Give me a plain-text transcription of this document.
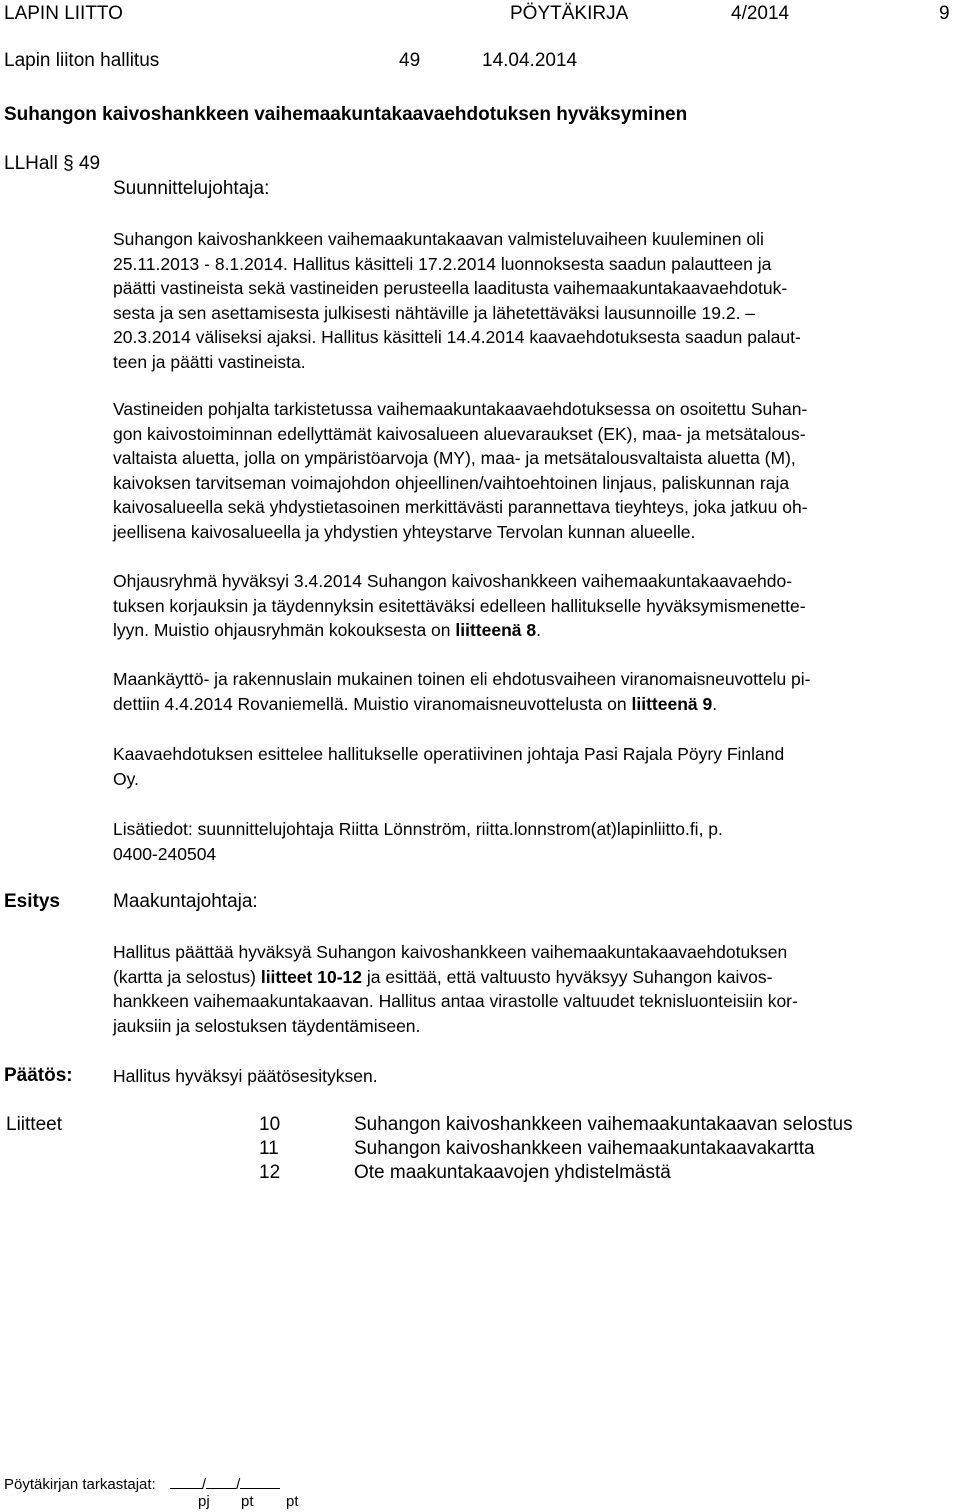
LAPIN LIITTO	PÖYTÄKIRJA	4/2014	9
Lapin liiton hallitus	49	14.04.2014
Suhangon kaivoshankkeen vaihemaakuntakaavaehdotuksen hyväksyminen
LLHall § 49
Suunnittelujohtaja:
Suhangon kaivoshankkeen vaihemaakuntakaavan valmisteluvaiheen kuuleminen oli
25.11.2013 - 8.1.2014. Hallitus käsitteli 17.2.2014 luonnoksesta saadun palautteen ja
päätti vastineista sekä vastineiden perusteella laaditusta vaihemaakuntakaavaehdotuk-
sesta ja sen asettamisesta julkisesti nähtäville ja lähetettäväksi lausunnoille 19.2. –
20.3.2014 väliseksi ajaksi. Hallitus käsitteli 14.4.2014 kaavaehdotuksesta saadun palaut-
teen ja päätti vastineista.
Vastineiden pohjalta tarkistetussa vaihemaakuntakaavaehdotuksessa on osoitettu Suhan-
gon kaivostoiminnan edellyttämät kaivosalueen aluevaraukset (EK), maa- ja metsätalous-
valtaista aluetta, jolla on ympäristöarvoja (MY), maa- ja metsätalousvaltaista aluetta (M),
kaivoksen tarvitseman voimajohdon ohjeellinen/vaihtoehtoinen linjaus, paliskunnan raja
kaivosalueella sekä yhdystietasoinen merkittävästi parannettava tieyhteys, joka jatkuu oh-
jeellisena kaivosalueella ja yhdystien yhteystarve Tervolan kunnan alueelle.
Ohjausryhmä hyväksyi 3.4.2014 Suhangon kaivoshankkeen vaihemaakuntakaavaehdo-
tuksen korjauksin ja täydennyksin esitettäväksi edelleen hallitukselle hyväksymismenette-
lyyn. Muistio ohjausryhmän kokouksesta on liitteenä 8.
Maankäyttö- ja rakennuslain mukainen toinen eli ehdotusvaiheen viranomaisneuvottelu pi-
dettiin 4.4.2014 Rovaniemellä. Muistio viranomaisneuvottelusta on liitteenä 9.
Kaavaehdotuksen esittelee hallitukselle operatiivinen johtaja Pasi Rajala Pöyry Finland
Oy.
Lisätiedot: suunnittelujohtaja Riitta Lönnström, riitta.lonnstrom(at)lapinliitto.fi, p.
0400-240504
Esitys	Maakuntajohtaja:
Hallitus päättää hyväksyä Suhangon kaivoshankkeen vaihemaakuntakaavaehdotuksen
(kartta ja selostus) liitteet 10-12 ja esittää, että valtuusto hyväksyy Suhangon kaivos-
hankkeen vaihemaakuntakaavan. Hallitus antaa virastolle valtuudet teknisluonteisiin kor-
jauksiin ja selostuksen täydentämiseen.
Päätös: Hallitus hyväksyi päätösesityksen.
Liitteet	10	Suhangon kaivoshankkeen vaihemaakuntakaavan selostus
11	Suhangon kaivoshankkeen vaihemaakuntakaavakartta
12	Ote maakuntakaavojen yhdistelmästä
Pöytäkirjan tarkastajat:	/ /
pj pt pt
